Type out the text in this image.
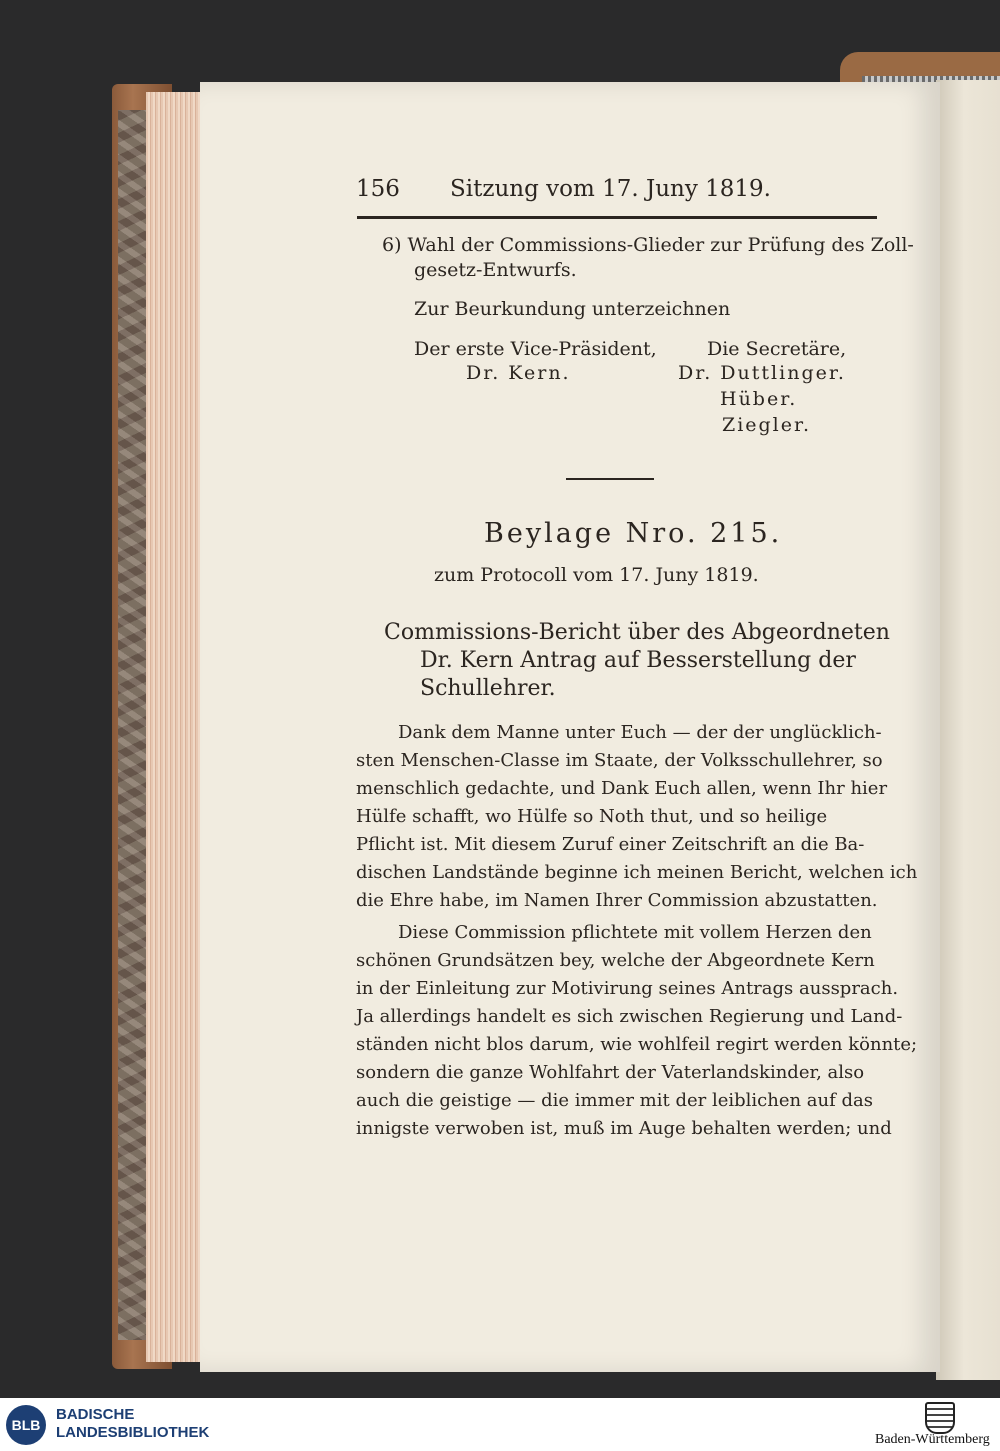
156 Sitzung vom 17. Juny 1819.
6) Wahl der Commissions-Glieder zur Prüfung des Zoll-
gesetz-Entwurfs.
Zur Beurkundung unterzeichnen
Der erste Vice-Präsident,
Dr. Kern.
Die Secretäre,
Dr. Duttlinger.
Hüber.
Ziegler.
Beylage Nro. 215.
zum Protocoll vom 17. Juny 1819.
Commissions-Bericht über des Abgeordneten
Dr. Kern Antrag auf Besserstellung der
Schullehrer.
Dank dem Manne unter Euch — der der unglücklich-
sten Menschen-Classe im Staate, der Volksschullehrer, so
menschlich gedachte, und Dank Euch allen, wenn Ihr hier
Hülfe schafft, wo Hülfe so Noth thut, und so heilige
Pflicht ist. Mit diesem Zuruf einer Zeitschrift an die Ba-
dischen Landstände beginne ich meinen Bericht, welchen ich
die Ehre habe, im Namen Ihrer Commission abzustatten.
Diese Commission pflichtete mit vollem Herzen den
schönen Grundsätzen bey, welche der Abgeordnete Kern
in der Einleitung zur Motivirung seines Antrags aussprach.
Ja allerdings handelt es sich zwischen Regierung und Land-
ständen nicht blos darum, wie wohlfeil regirt werden könnte;
sondern die ganze Wohlfahrt der Vaterlandskinder, also
auch die geistige — die immer mit der leiblichen auf das
innigste verwoben ist, muß im Auge behalten werden; und
BLB
BADISCHE
LANDESBIBLIOTHEK	Baden-Württemberg
